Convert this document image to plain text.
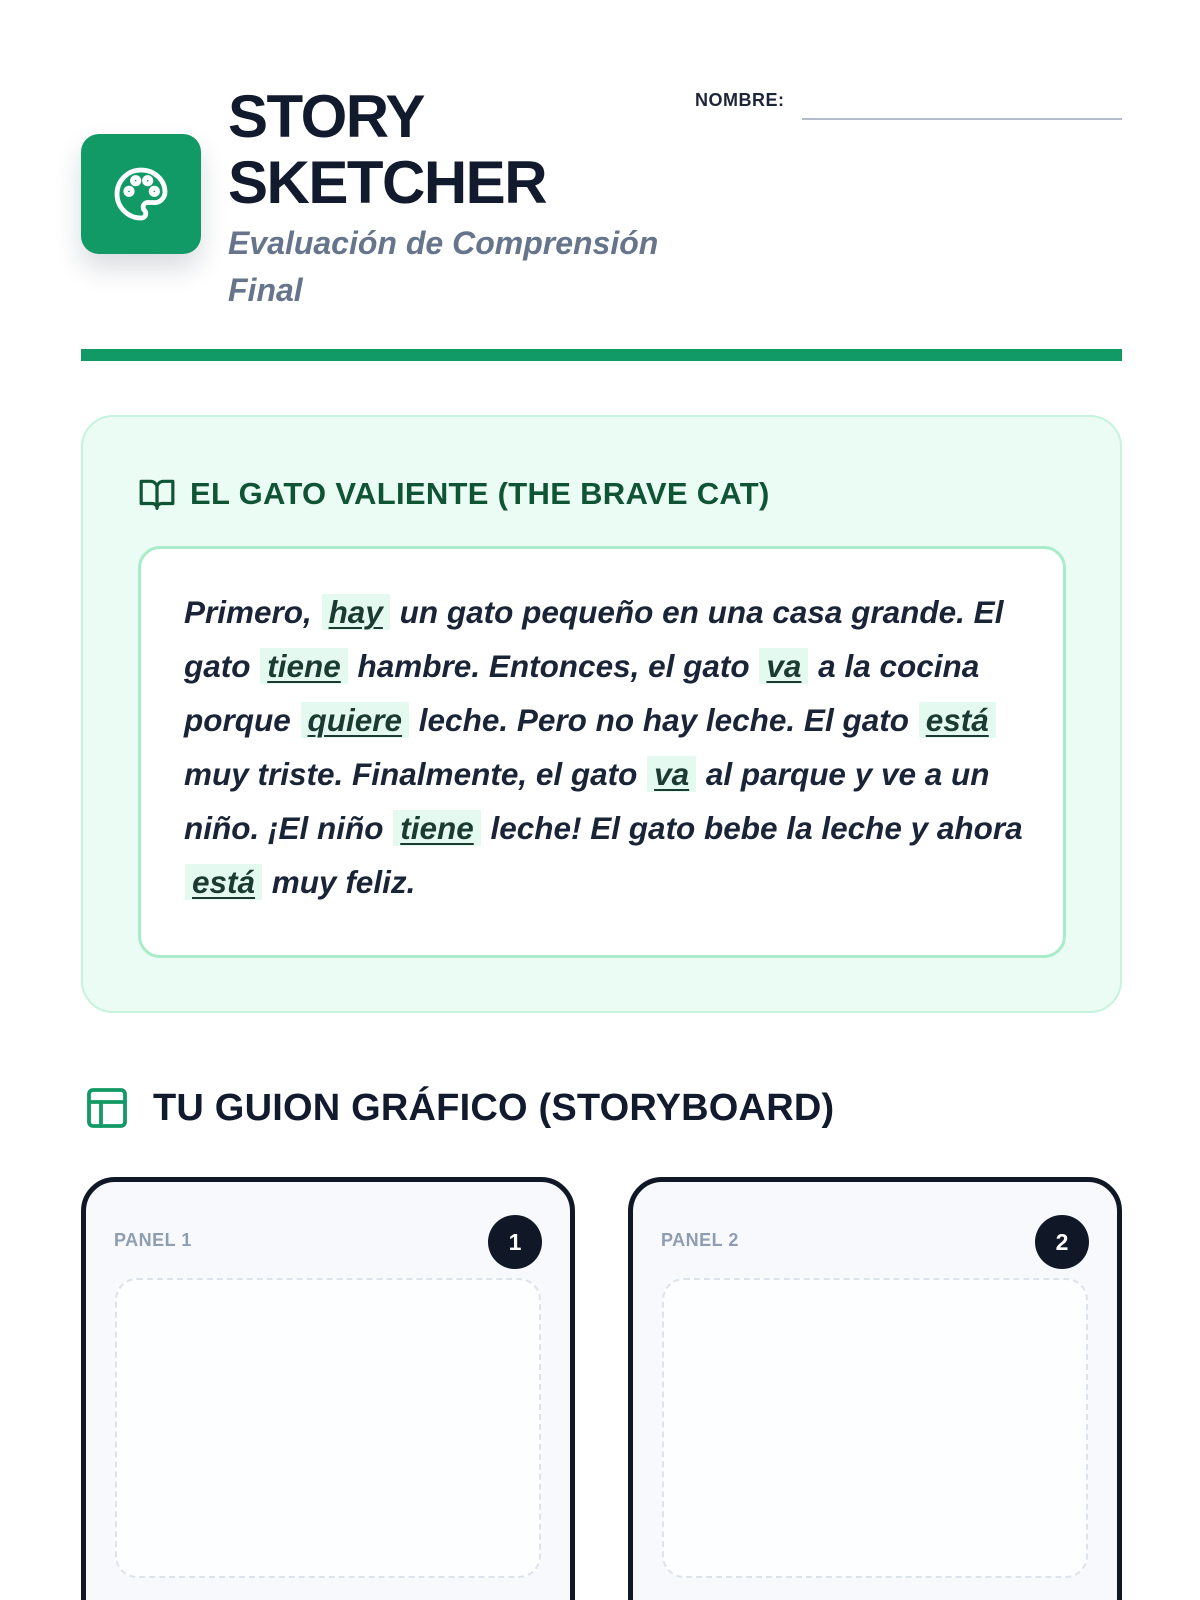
STORY
SKETCHER
Evaluación de Comprensión Final
NOMBRE:
EL GATO VALIENTE (THE BRAVE CAT)

Primero, hay un gato pequeño en una casa grande. El gato tiene hambre. Entonces, el gato va a la cocina porque quiere leche. Pero no hay leche. El gato está muy triste. Finalmente, el gato va al parque y ve a un niño. ¡El niño tiene leche! El gato bebe la leche y ahora está muy feliz.

TU GUION GRÁFICO (STORYBOARD)
PANEL 1	1	PANEL 2	2
